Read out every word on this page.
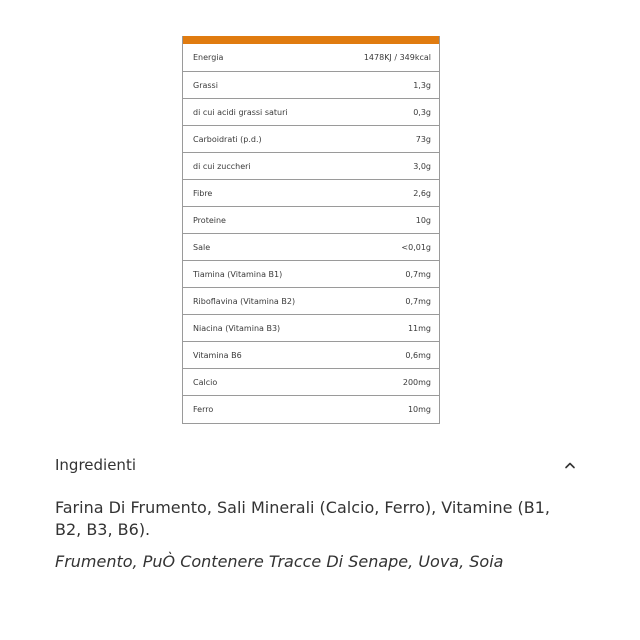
Energia	1478KJ / 349kcal
Grassi	1,3g
di cui acidi grassi saturi	0,3g
Carboidrati (p.d.)	73g
di cui zuccheri	3,0g
Fibre	2,6g
Proteine	10g
Sale	<0,01g
Tiamina (Vitamina B1)	0,7mg
Riboflavina (Vitamina B2)	0,7mg
Niacina (Vitamina B3)	11mg
Vitamina B6	0,6mg
Calcio	200mg
Ferro	10mg
Ingredienti

Farina Di Frumento, Sali Minerali (Calcio, Ferro), Vitamine (B1, B2, B3, B6).

Frumento, PuÒ Contenere Tracce Di Senape, Uova, Soia
